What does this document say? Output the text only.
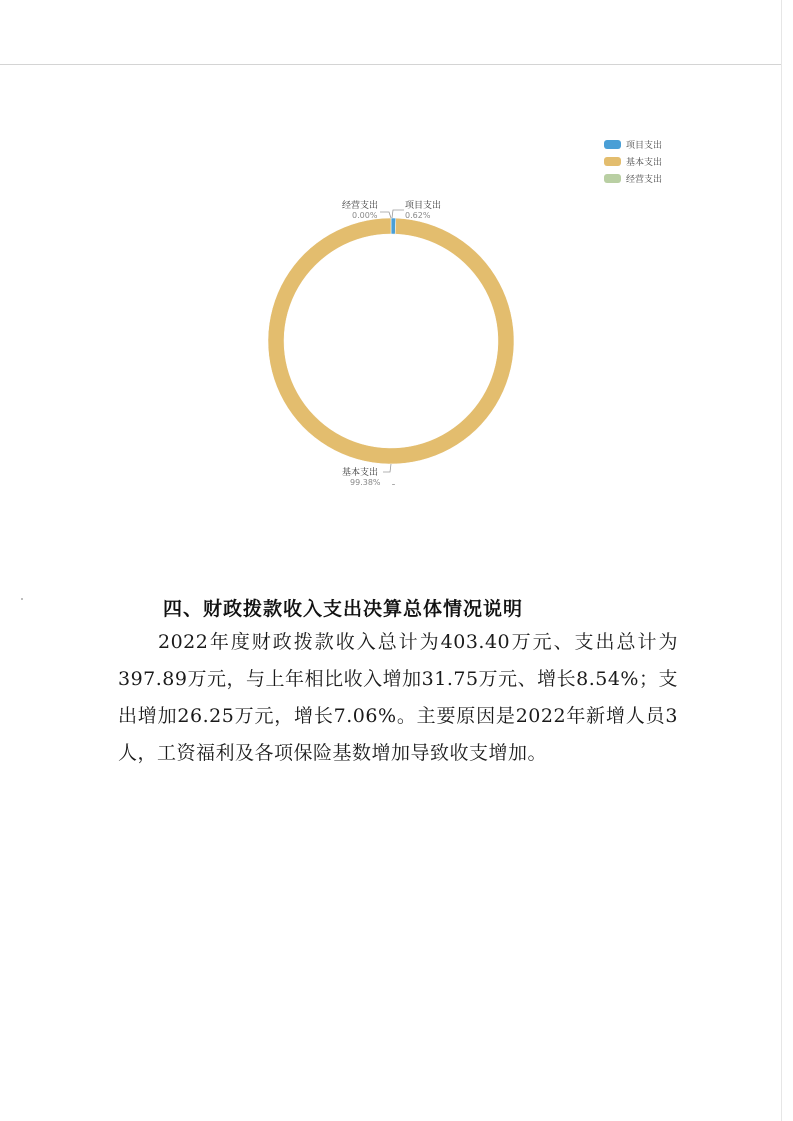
项目支出
基本支出
经营支出
经营支出
0.00%
项目支出
0.62%
基本支出
99.38%
四、财政拨款收入支出决算总体情况说明
2022年度财政拨款收入总计为403.40万元、支出总计为397.89万元，与上年相比收入增加31.75万元、增长8.54%；支出增加26.25万元，增长7.06%。主要原因是2022年新增人员3人，工资福利及各项保险基数增加导致收支增加。
